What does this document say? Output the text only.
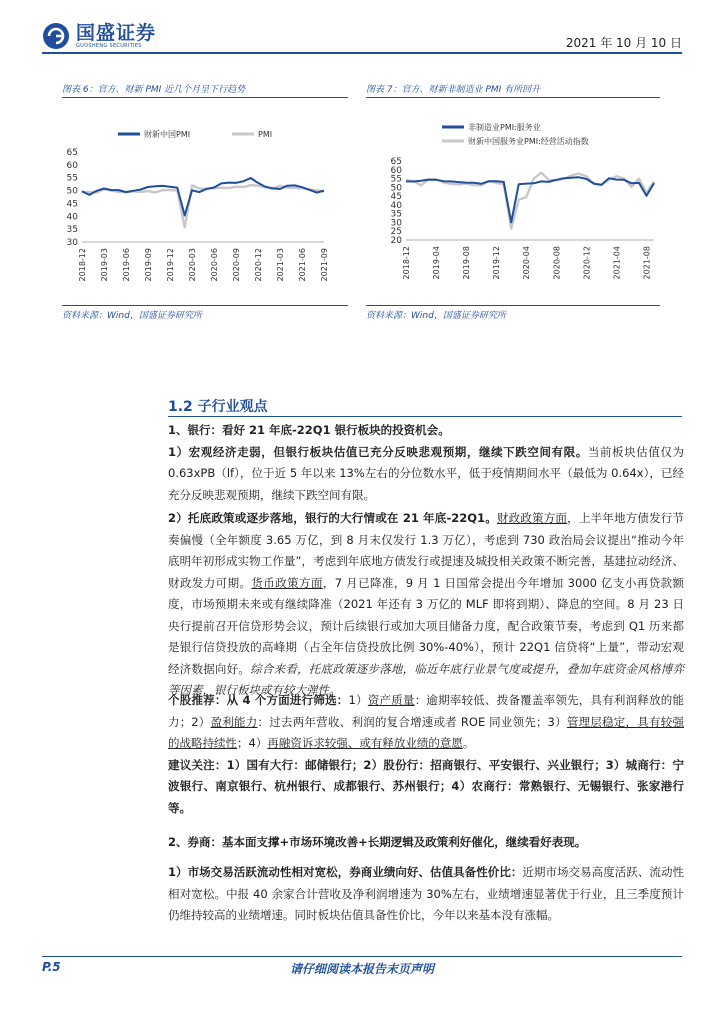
国盛证券
GUOSHENG SECURITIES	2021 年 10 月 10 日
图表 6：官方、财新 PMI 近几个月呈下行趋势	图表 7：官方、财新非制造业 PMI 有所回升
财新中国PMI	PMI
30
35
40
45
50
55
60
65
2018-12 2019-03 2019-06 2019-09 2019-12 2020-03 2020-06 2020-09 2020-12 2021-03 2021-06 2021-09
非制造业PMI:服务业
财新中国服务业PMI:经营活动指数
20
25
30
35
40
45
50
55
60
65
2018-12	2019-04	2019-08	2019-12	2020-04	2020-08	2020-12	2021-04	2021-08
资料来源：Wind，国盛证券研究所	资料来源：Wind，国盛证券研究所
1.2 子行业观点

1、银行：看好 21 年底-22Q1 银行板块的投资机会。

1）宏观经济走弱，但银行板块估值已充分反映悲观预期，继续下跌空间有限。当前板块估值仅为 0.63xPB（lf），位于近 5 年以来 13%左右的分位数水平，低于疫情期间水平（最低为 0.64x），已经充分反映悲观预期，继续下跌空间有限。

2）托底政策或逐步落地，银行的大行情或在 21 年底-22Q1。财政政策方面，上半年地方债发行节奏偏慢（全年额度 3.65 万亿，到 8 月末仅发行 1.3 万亿），考虑到 730 政治局会议提出“推动今年底明年初形成实物工作量”，考虑到年底地方债发行或提速及城投相关政策不断完善，基建拉动经济、财政发力可期。货币政策方面，7 月已降准，9 月 1 日国常会提出今年增加 3000 亿支小再贷款额度，市场预期未来或有继续降准（2021 年还有 3 万亿的 MLF 即将到期）、降息的空间。8 月 23 日央行提前召开信贷形势会议，预计后续银行或加大项目储备力度，配合政策节奏，考虑到 Q1 历来都是银行信贷投放的高峰期（占全年信贷投放比例 30%-40%），预计 22Q1 信贷将“上量”，带动宏观经济数据向好。综合来看，托底政策逐步落地，临近年底行业景气度或提升，叠加年底资金风格博弈等因素，银行板块或有较大弹性。

个股推荐：从 4 个方面进行筛选：1）资产质量：逾期率较低、拨备覆盖率领先，具有利润释放的能力；2）盈利能力：过去两年营收、利润的复合增速或者 ROE 同业领先；3）管理层稳定，具有较强的战略持续性；4）再融资诉求较强、或有释放业绩的意愿。

建议关注：1）国有大行：邮储银行；2）股份行：招商银行、平安银行、兴业银行；3）城商行：宁波银行、南京银行、杭州银行、成都银行、苏州银行；4）农商行：常熟银行、无锡银行、张家港行等。

2、券商：基本面支撑+市场环境改善+长期逻辑及政策利好催化，继续看好表现。

1）市场交易活跃流动性相对宽松，券商业绩向好、估值具备性价比：近期市场交易高度活跃、流动性相对宽松。中报 40 余家合计营收及净利润增速为 30%左右，业绩增速显著优于行业，且三季度预计仍维持较高的业绩增速。同时板块估值具备性价比，今年以来基本没有涨幅。

P.5	请仔细阅读本报告末页声明
